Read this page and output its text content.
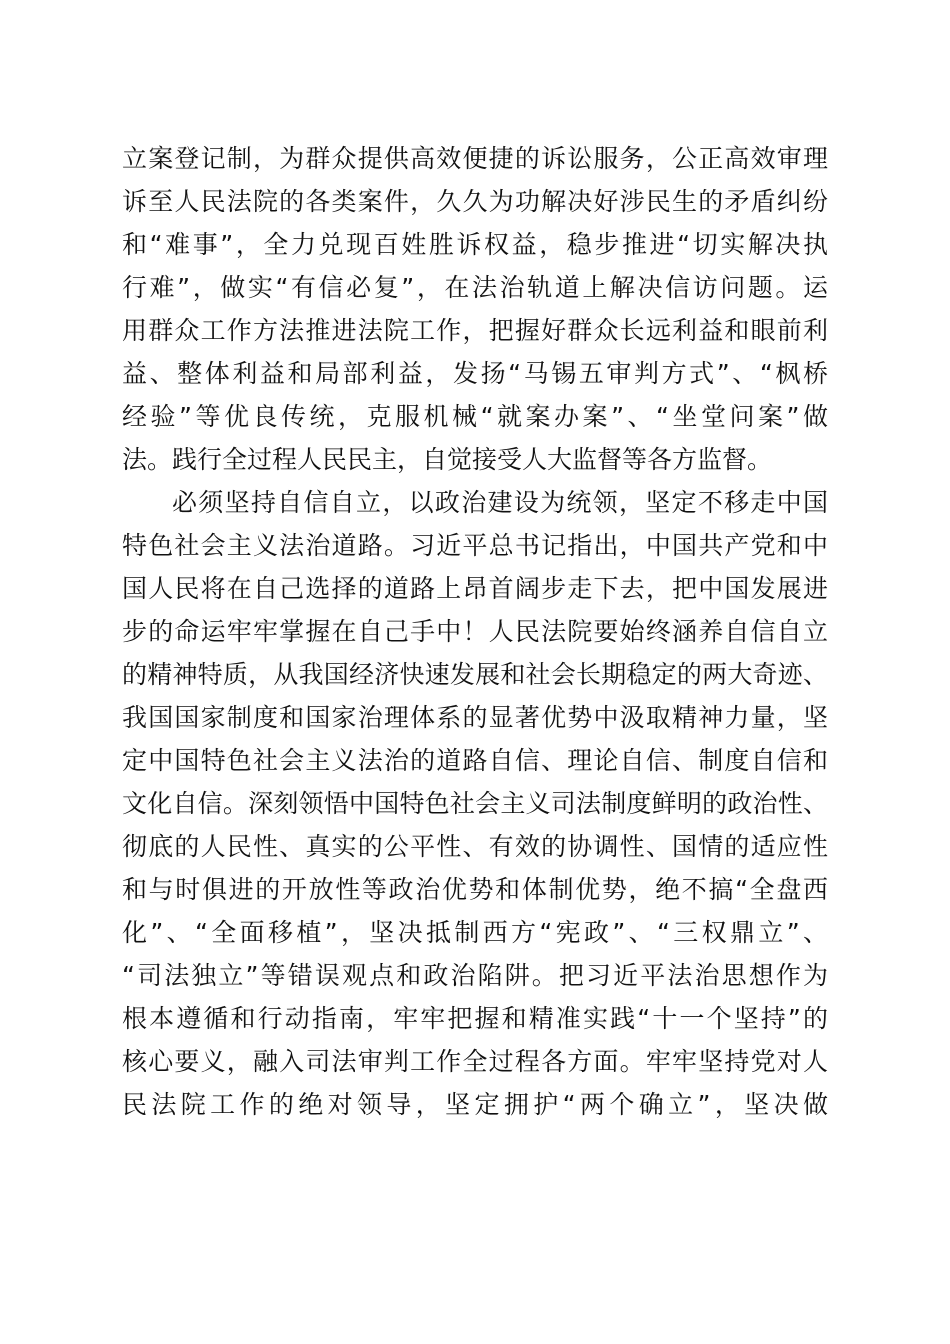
立案登记制，为群众提供高效便捷的诉讼服务，公正高效审理

诉至人民法院的各类案件，久久为功解决好涉民生的矛盾纠纷

和“难事”，全力兑现百姓胜诉权益，稳步推进“切实解决执

行难”，做实“有信必复”，在法治轨道上解决信访问题。运

用群众工作方法推进法院工作，把握好群众长远利益和眼前利

益、整体利益和局部利益，发扬“马锡五审判方式”、“枫桥

经验”等优良传统，克服机械“就案办案”、“坐堂问案”做

法。践行全过程人民民主，自觉接受人大监督等各方监督。

必须坚持自信自立，以政治建设为统领，坚定不移走中国

特色社会主义法治道路。习近平总书记指出，中国共产党和中

国人民将在自己选择的道路上昂首阔步走下去，把中国发展进

步的命运牢牢掌握在自己手中！人民法院要始终涵养自信自立

的精神特质，从我国经济快速发展和社会长期稳定的两大奇迹、

我国国家制度和国家治理体系的显著优势中汲取精神力量，坚

定中国特色社会主义法治的道路自信、理论自信、制度自信和

文化自信。深刻领悟中国特色社会主义司法制度鲜明的政治性、

彻底的人民性、真实的公平性、有效的协调性、国情的适应性

和与时俱进的开放性等政治优势和体制优势，绝不搞“全盘西

化”、“全面移植”，坚决抵制西方“宪政”、“三权鼎立”、

“司法独立”等错误观点和政治陷阱。把习近平法治思想作为

根本遵循和行动指南，牢牢把握和精准实践“十一个坚持”的

核心要义，融入司法审判工作全过程各方面。牢牢坚持党对人

民法院工作的绝对领导，坚定拥护“两个确立”，坚决做
